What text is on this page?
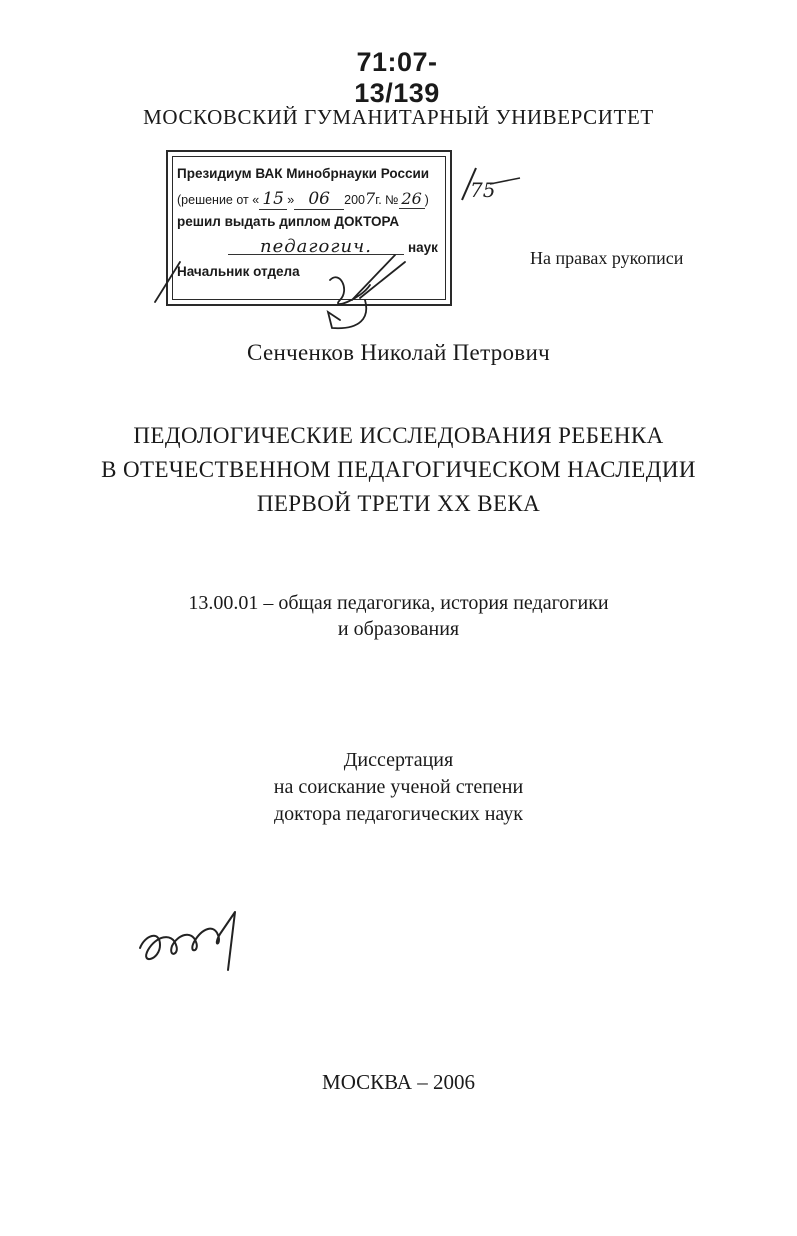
71:07-13/139
МОСКОВСКИЙ ГУМАНИТАРНЫЙ УНИВЕРСИТЕТ
Президиум ВАК Минобрнауки России
(решение от « 15 » 06 2007г. № 26 )
решил выдать диплом ДОКТОРА
педагогич.	наук
Начальник отдела
75
На правах рукописи
Сенченков Николай Петрович
ПЕДОЛОГИЧЕСКИЕ ИССЛЕДОВАНИЯ РЕБЕНКА
В ОТЕЧЕСТВЕННОМ ПЕДАГОГИЧЕСКОМ НАСЛЕДИИ
ПЕРВОЙ ТРЕТИ XX ВЕКА
13.00.01 – общая педагогика, история педагогики
и образования
Диссертация
на соискание ученой степени
доктора педагогических наук
МОСКВА – 2006
